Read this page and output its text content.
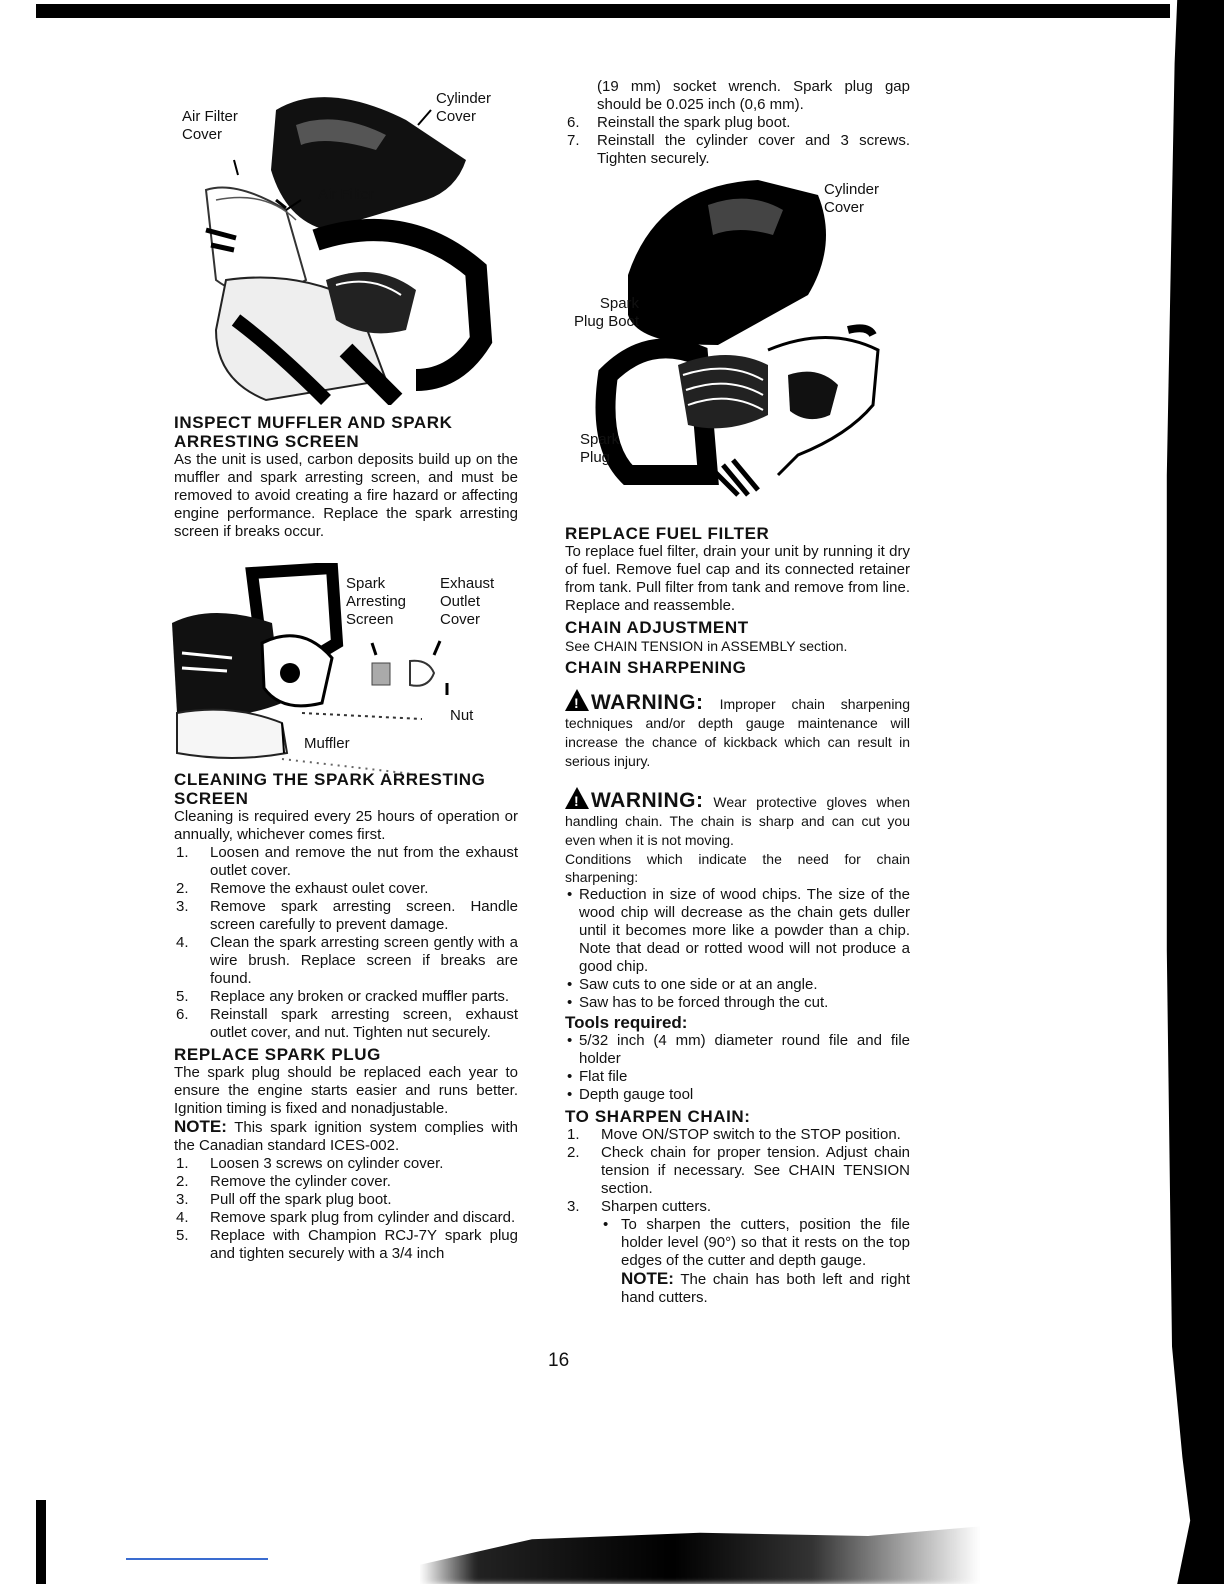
Air Filter
Cover
Cylinder
Cover
Air Filter
Spark
Arresting
Screen
Exhaust
Outlet
Cover
Nut
Muffler
Cylinder
Cover
Spark
Plug Boot
Spark
Plug
INSPECT MUFFLER AND SPARK ARRESTING SCREEN

As the unit is used, carbon deposits build up on the muffler and spark arresting screen, and must be removed to avoid creating a fire hazard or affecting engine performance. Replace the spark arresting screen if breaks occur.

CLEANING THE SPARK ARRESTING SCREEN

Cleaning is required every 25 hours of operation or annually, whichever comes first.

1. Loosen and remove the nut from the exhaust outlet cover.
2. Remove the exhaust oulet cover.
3. Remove spark arresting screen. Handle screen carefully to prevent damage.
4. Clean the spark arresting screen gently with a wire brush. Replace screen if breaks are found.
5. Replace any broken or cracked muffler parts.
6. Reinstall spark arresting screen, exhaust outlet cover, and nut. Tighten nut securely.
REPLACE SPARK PLUG

The spark plug should be replaced each year to ensure the engine starts easier and runs better. Ignition timing is fixed and nonadjustable.

NOTE: This spark ignition system complies with the Canadian standard ICES-002.

1. Loosen 3 screws on cylinder cover.
2. Remove the cylinder cover.
3. Pull off the spark plug boot.
4. Remove spark plug from cylinder and discard.
5. Replace with Champion RCJ-7Y spark plug and tighten securely with a 3/4 inch

(19 mm) socket wrench. Spark plug gap should be 0.025 inch (0,6 mm).

6. Reinstall the spark plug boot.
7. Reinstall the cylinder cover and 3 screws. Tighten securely.
REPLACE FUEL FILTER

To replace fuel filter, drain your unit by running it dry of fuel. Remove fuel cap and its connected retainer from tank. Pull filter from tank and remove from line. Replace and reassemble.

CHAIN ADJUSTMENT

See CHAIN TENSION in ASSEMBLY section.

CHAIN SHARPENING

!WARNING: Improper chain sharpening techniques and/or depth gauge maintenance will increase the chance of kickback which can result in serious injury.

!WARNING: Wear protective gloves when handling chain. The chain is sharp and can cut you even when it is not moving.

Conditions which indicate the need for chain sharpening:

• Reduction in size of wood chips. The size of the wood chip will decrease as the chain gets duller until it becomes more like a powder than a chip. Note that dead or rotted wood will not produce a good chip.
• Saw cuts to one side or at an angle.
• Saw has to be forced through the cut.

Tools required:

• 5/32 inch (4 mm) diameter round file and file holder
• Flat file
• Depth gauge tool
TO SHARPEN CHAIN:
1. Move ON/STOP switch to the STOP position.
2. Check chain for proper tension. Adjust chain tension if necessary. See CHAIN TENSION section.
3. Sharpen cutters.
• To sharpen the cutters, position the file holder level (90°) so that it rests on the top edges of the cutter and depth gauge.

NOTE: The chain has both left and right hand cutters.

16
